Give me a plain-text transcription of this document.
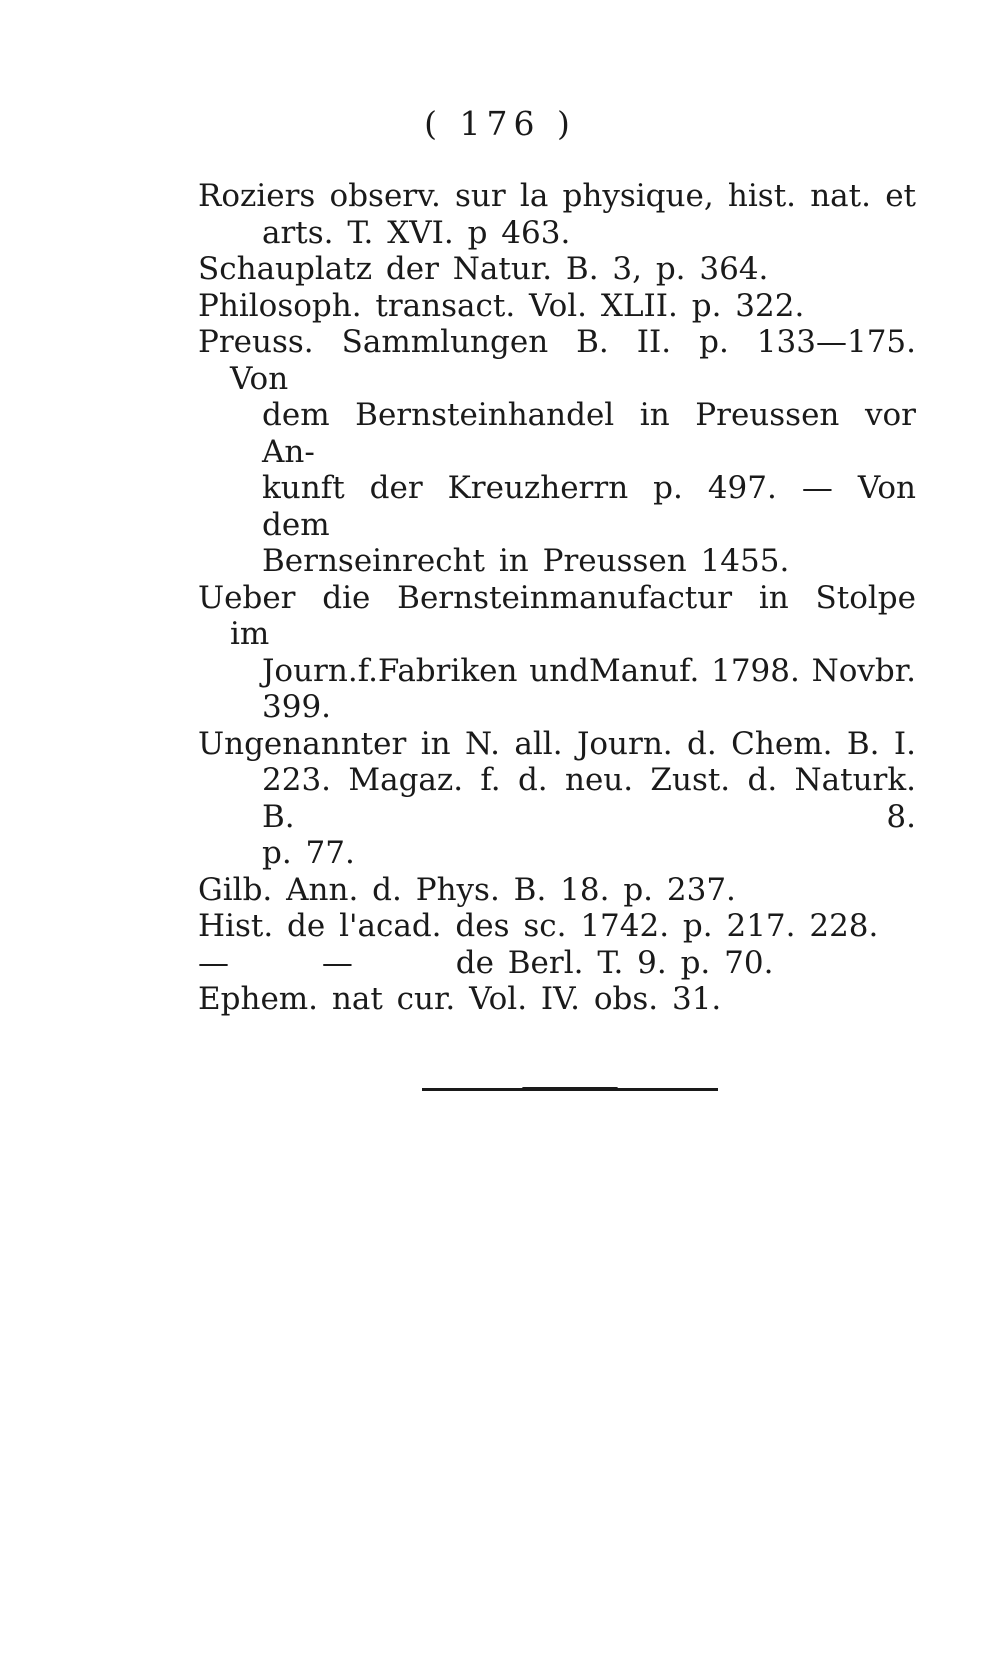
( 176 )
Roziers observ. sur la physique, hist. nat. et
arts. T. XVI. p 463.
Schauplatz der Natur. B. 3, p. 364.
Philosoph. transact. Vol. XLII. p. 322.
Preuss. Sammlungen B. II. p. 133—175. Von
dem Bernsteinhandel in Preussen vor An-
kunft der Kreuzherrn p. 497. — Von dem
Bernseinrecht in Preussen 1455.
Ueber die Bernsteinmanufactur in Stolpe im
Journ.f.Fabriken undManuf. 1798. Novbr. 399.
Ungenannter in N. all. Journ. d. Chem. B. I.
223. Magaz. f. d. neu. Zust. d. Naturk. B. 8.
p. 77.
Gilb. Ann. d. Phys. B. 18. p. 237.
Hist. de l'acad. des sc. 1742. p. 217. 228.
—	—	de Berl. T. 9. p. 70.
Ephem. nat cur. Vol. IV. obs. 31.
